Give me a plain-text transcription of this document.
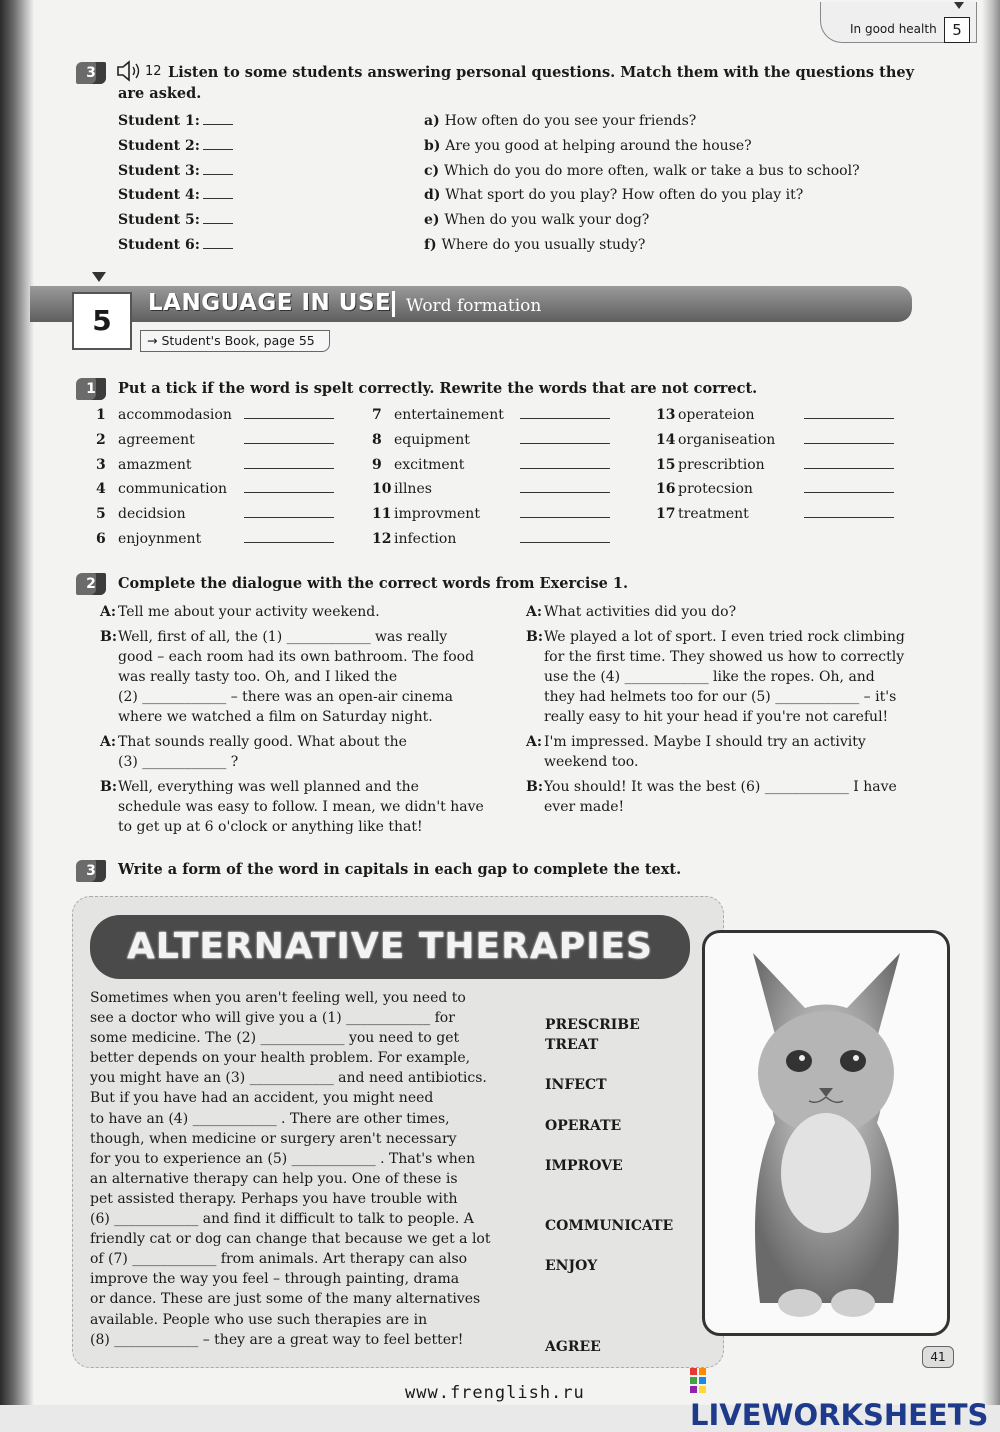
In good health	5
3	12 Listen to some students answering personal questions. Match them with the questions they are asked.
Student 1:
Student 2:
Student 3:
Student 4:
Student 5:
Student 6:
a) How often do you see your friends?
b) Are you good at helping around the house?
c) Which do you do more often, walk or take a bus to school?
d) What sport do you play? How often do you play it?
e) When do you walk your dog?
f) Where do you usually study?
5
LANGUAGE IN USE Word formation
→ Student's Book, page 55
1	Put a tick if the word is spelt correctly. Rewrite the words that are not correct.
1 accommodasion
2 agreement
3 amazment
4 communication
5 decidsion
6 enjoynment
7 entertainement
8 equipment
9 excitment
10 illnes
11 improvment
12 infection
13 operateion
14 organiseation
15 prescribtion
16 protecsion
17 treatment
2	Complete the dialogue with the correct words from Exercise 1.
A: Tell me about your activity weekend.
B:Well, first of all, the (1) ____________ was really
good – each room had its own bathroom. The food
was really tasty too. Oh, and I liked the
(2) ____________ – there was an open-air cinema
where we watched a film on Saturday night.
A: That sounds really good. What about the
(3) ____________ ?
B:Well, everything was well planned and the
schedule was easy to follow. I mean, we didn't have
to get up at 6 o'clock or anything like that!
A: What activities did you do?
B:We played a lot of sport. I even tried rock climbing
for the first time. They showed us how to correctly
use the (4) ____________ like the ropes. Oh, and
they had helmets too for our (5) ____________ – it's
really easy to hit your head if you're not careful!
A: I'm impressed. Maybe I should try an activity
weekend too.
B:You should! It was the best (6) ____________ I have
ever made!
3	Write a form of the word in capitals in each gap to complete the text.
ALTERNATIVE THERAPIES
Sometimes when you aren't feeling well, you need to
see a doctor who will give you a (1) ____________ for
some medicine. The (2) ____________ you need to get
better depends on your health problem. For example,
you might have an (3) ____________ and need antibiotics.
But if you have had an accident, you might need
to have an (4) ____________ . There are other times,
though, when medicine or surgery aren't necessary
for you to experience an (5) ____________ . That's when
an alternative therapy can help you. One of these is
pet assisted therapy. Perhaps you have trouble with
(6) ____________ and find it difficult to talk to people. A
friendly cat or dog can change that because we get a lot
of (7) ____________ from animals. Art therapy can also
improve the way you feel – through painting, drama
or dance. These are just some of the many alternatives
available. People who use such therapies are in
(8) ____________ – they are a great way to feel better!
PRESCRIBE
TREAT
INFECT
OPERATE
IMPROVE
COMMUNICATE
ENJOY
AGREE
41
LIVEWORKSHEETS
www.frenglish.ru
